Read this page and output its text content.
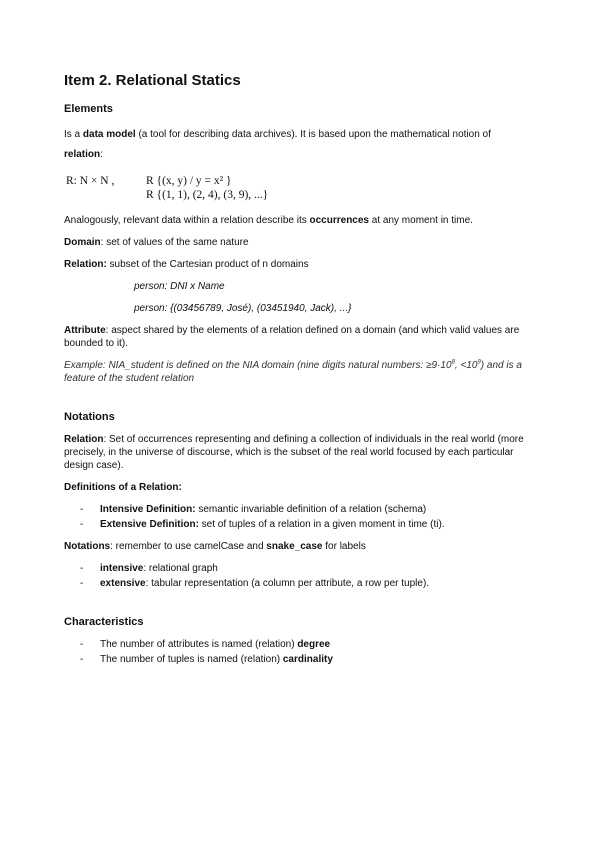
Item 2. Relational Statics
Elements

Is a data model (a tool for describing data archives). It is based upon the mathematical notion of
relation:

R: N × N ,	R {(x, y) / y = x² }
R {(1, 1), (2, 4), (3, 9), ...}

Analogously, relevant data within a relation describe its occurrences at any moment in time.

Domain: set of values of the same nature

Relation: subset of the Cartesian product of n domains

person: DNI x Name

person: {(03456789, José), (03451940, Jack), ...}

Attribute: aspect shared by the elements of a relation defined on a domain (and which valid values are bounded to it).

Example: NIA_student is defined on the NIA domain (nine digits natural numbers: $\ge 9\cdot 10^8$, $<10^9$) and is a feature of the student relation

Notations

Relation: Set of occurrences representing and defining a collection of individuals in the real world (more precisely, in the universe of discourse, which is the subset of the real world focused by each particular design case).

Definitions of a Relation:

- Intensive Definition: semantic invariable definition of a relation (schema)
- Extensive Definition: set of tuples of a relation in a given moment in time (ti).

Notations: remember to use camelCase and snake_case for labels

- intensive: relational graph
- extensive: tabular representation (a column per attribute, a row per tuple).
Characteristics
- The number of attributes is named (relation) degree
- The number of tuples is named (relation) cardinality
